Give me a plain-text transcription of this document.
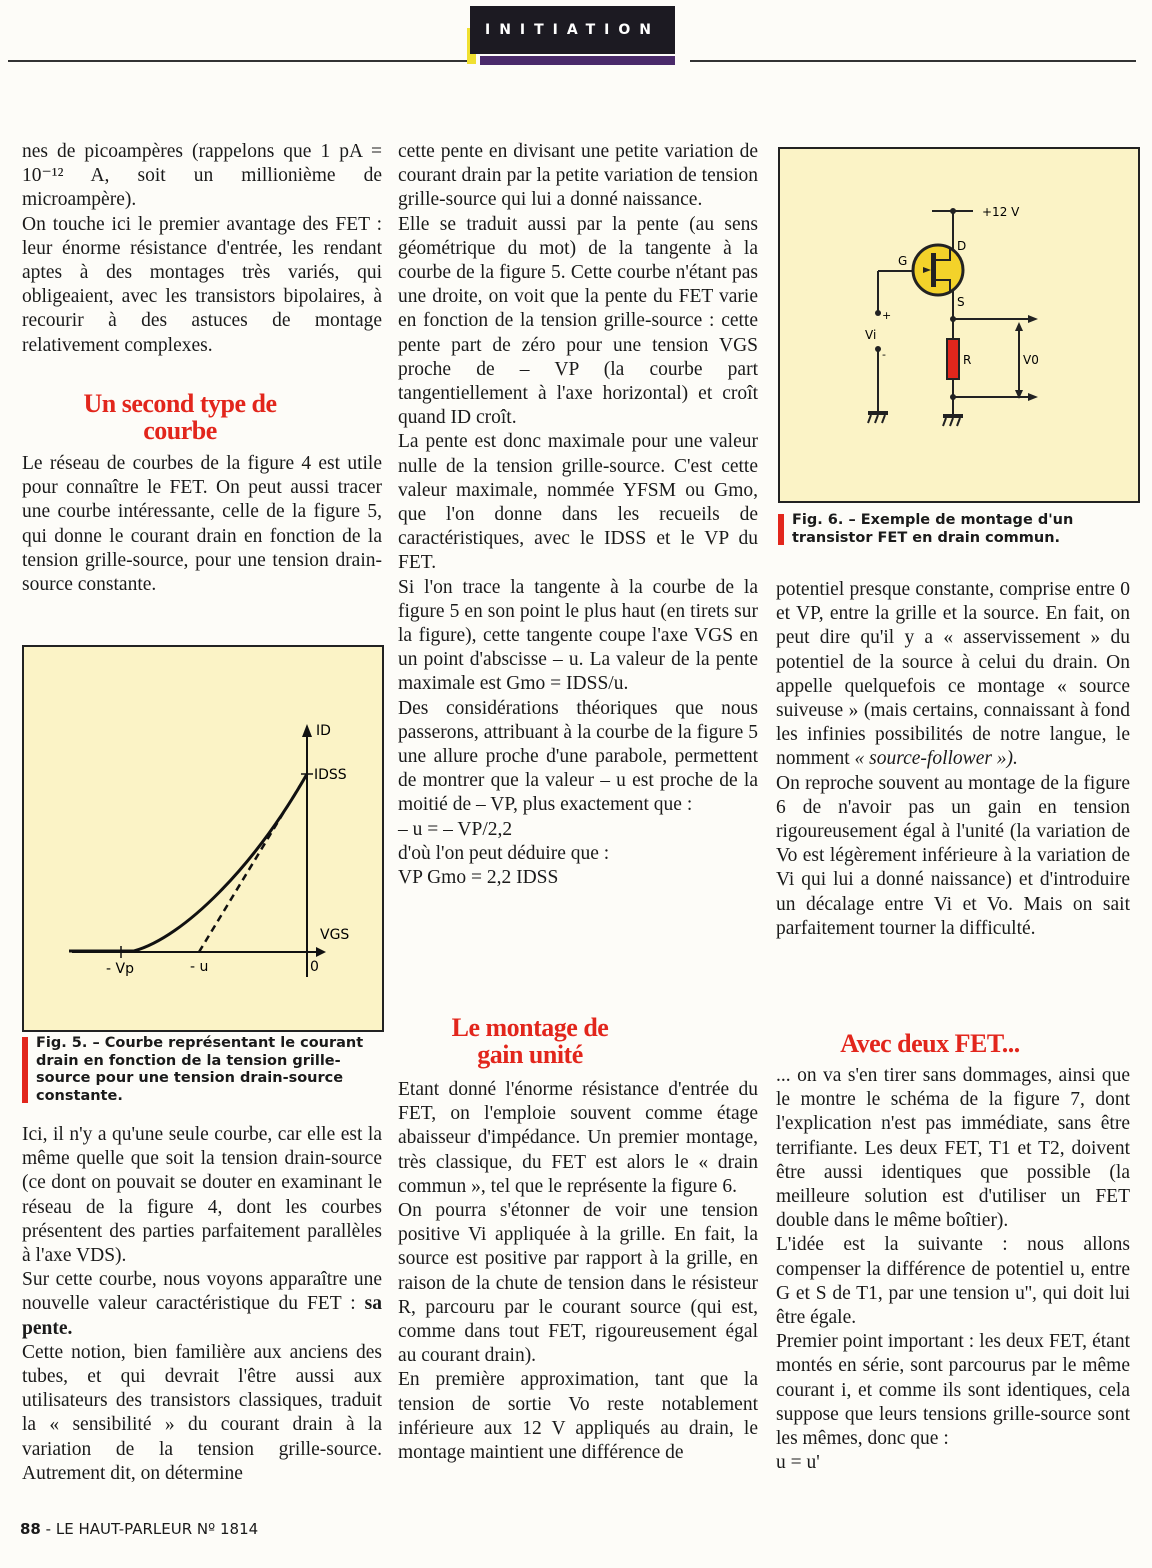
INITIATION

nes de picoampères (rappelons que 1 pA = 10⁻¹² A, soit un millionième de microampère).

On touche ici le premier avantage des FET : leur énorme résistance d'entrée, les rendant aptes à des montages très variés, qui obligeaient, avec les transistors bipolaires, à recourir à des astuces de montage relativement complexes.

Un second type de courbe

Le réseau de courbes de la figure 4 est utile pour connaître le FET. On peut aussi tracer une courbe intéressante, celle de la figure 5, qui donne le courant drain en fonction de la tension grille-source, pour une tension drain-source constante.

ID
IDSS
VGS
- Vp	- u	0
Fig. 5. – Courbe représentant le courant drain en fonction de la tension grille-source pour une tension drain-source constante.

Ici, il n'y a qu'une seule courbe, car elle est la même quelle que soit la tension drain-source (ce dont on pouvait se douter en examinant le réseau de la figure 4, dont les courbes présentent des parties parfaitement parallèles à l'axe VDS).

Sur cette courbe, nous voyons apparaître une nouvelle valeur caractéristique du FET : sa pente.

Cette notion, bien familière aux anciens des tubes, et qui devrait l'être aussi aux utilisateurs des transistors classiques, traduit la « sensibilité » du courant drain à la variation de la tension grille-source. Autrement dit, on détermine

cette pente en divisant une petite variation de courant drain par la petite variation de tension grille-source qui lui a donné naissance.

Elle se traduit aussi par la pente (au sens géométrique du mot) de la tangente à la courbe de la figure 5. Cette courbe n'étant pas une droite, on voit que la pente du FET varie en fonction de la tension grille-source : cette pente part de zéro pour une tension VGS proche de – VP (la courbe part tangentiellement à l'axe horizontal) et croît quand ID croît.

La pente est donc maximale pour une valeur nulle de la tension grille-source. C'est cette valeur maximale, nommée YFSM ou Gmo, que l'on donne dans les recueils de caractéristiques, avec le IDSS et le VP du FET.

Si l'on trace la tangente à la courbe de la figure 5 en son point le plus haut (en tirets sur la figure), cette tangente coupe l'axe VGS en un point d'abscisse – u. La valeur de la pente maximale est Gmo = IDSS/u.

Des considérations théoriques que nous passerons, attribuant à la courbe de la figure 5 une allure proche d'une parabole, permettent de montrer que la valeur – u est proche de la moitié de – VP, plus exactement que :

– u = – VP/2,2

d'où l'on peut déduire que :

VP Gmo = 2,2 IDSS

Le montage de gain unité

Etant donné l'énorme résistance d'entrée du FET, on l'emploie souvent comme étage abaisseur d'impédance. Un premier montage, très classique, du FET est alors le « drain commun », tel que le représente la figure 6.

On pourra s'étonner de voir une tension positive Vi appliquée à la grille. En fait, la source est positive par rapport à la grille, en raison de la chute de tension dans le résisteur R, parcouru par le courant source (qui est, comme dans tout FET, rigoureusement égal au courant drain).

En première approximation, tant que la tension de sortie Vo reste notablement inférieure aux 12 V appliqués au drain, le montage maintient une différence de

+12 V
D
G
S
R
Vi
V0
+
-
Fig. 6. – Exemple de montage d'un transistor FET en drain commun.

potentiel presque constante, comprise entre 0 et VP, entre la grille et la source. En fait, on peut dire qu'il y a « asservissement » du potentiel de la source à celui du drain. On appelle quelquefois ce montage « source suiveuse » (mais certains, connaissant à fond les infinies possibilités de notre langue, le nomment « source-follower »).

On reproche souvent au montage de la figure 6 de n'avoir pas un gain en tension rigoureusement égal à l'unité (la variation de Vo est légèrement inférieure à la variation de Vi qui lui a donné naissance) et d'introduire un décalage entre Vi et Vo. Mais on sait parfaitement tourner la difficulté.

Avec deux FET...

... on va s'en tirer sans dommages, ainsi que le montre le schéma de la figure 7, dont l'explication n'est pas immédiate, sans être terrifiante. Les deux FET, T1 et T2, doivent être aussi identiques que possible (la meilleure solution est d'utiliser un FET double dans le même boîtier).

L'idée est la suivante : nous allons compenser la différence de potentiel u, entre G et S de T1, par une tension u'', qui doit lui être égale.

Premier point important : les deux FET, étant montés en série, sont parcourus par le même courant i, et comme ils sont identiques, cela suppose que leurs tensions grille-source sont les mêmes, donc que :

u = u'

88 - LE HAUT-PARLEUR Nº 1814
